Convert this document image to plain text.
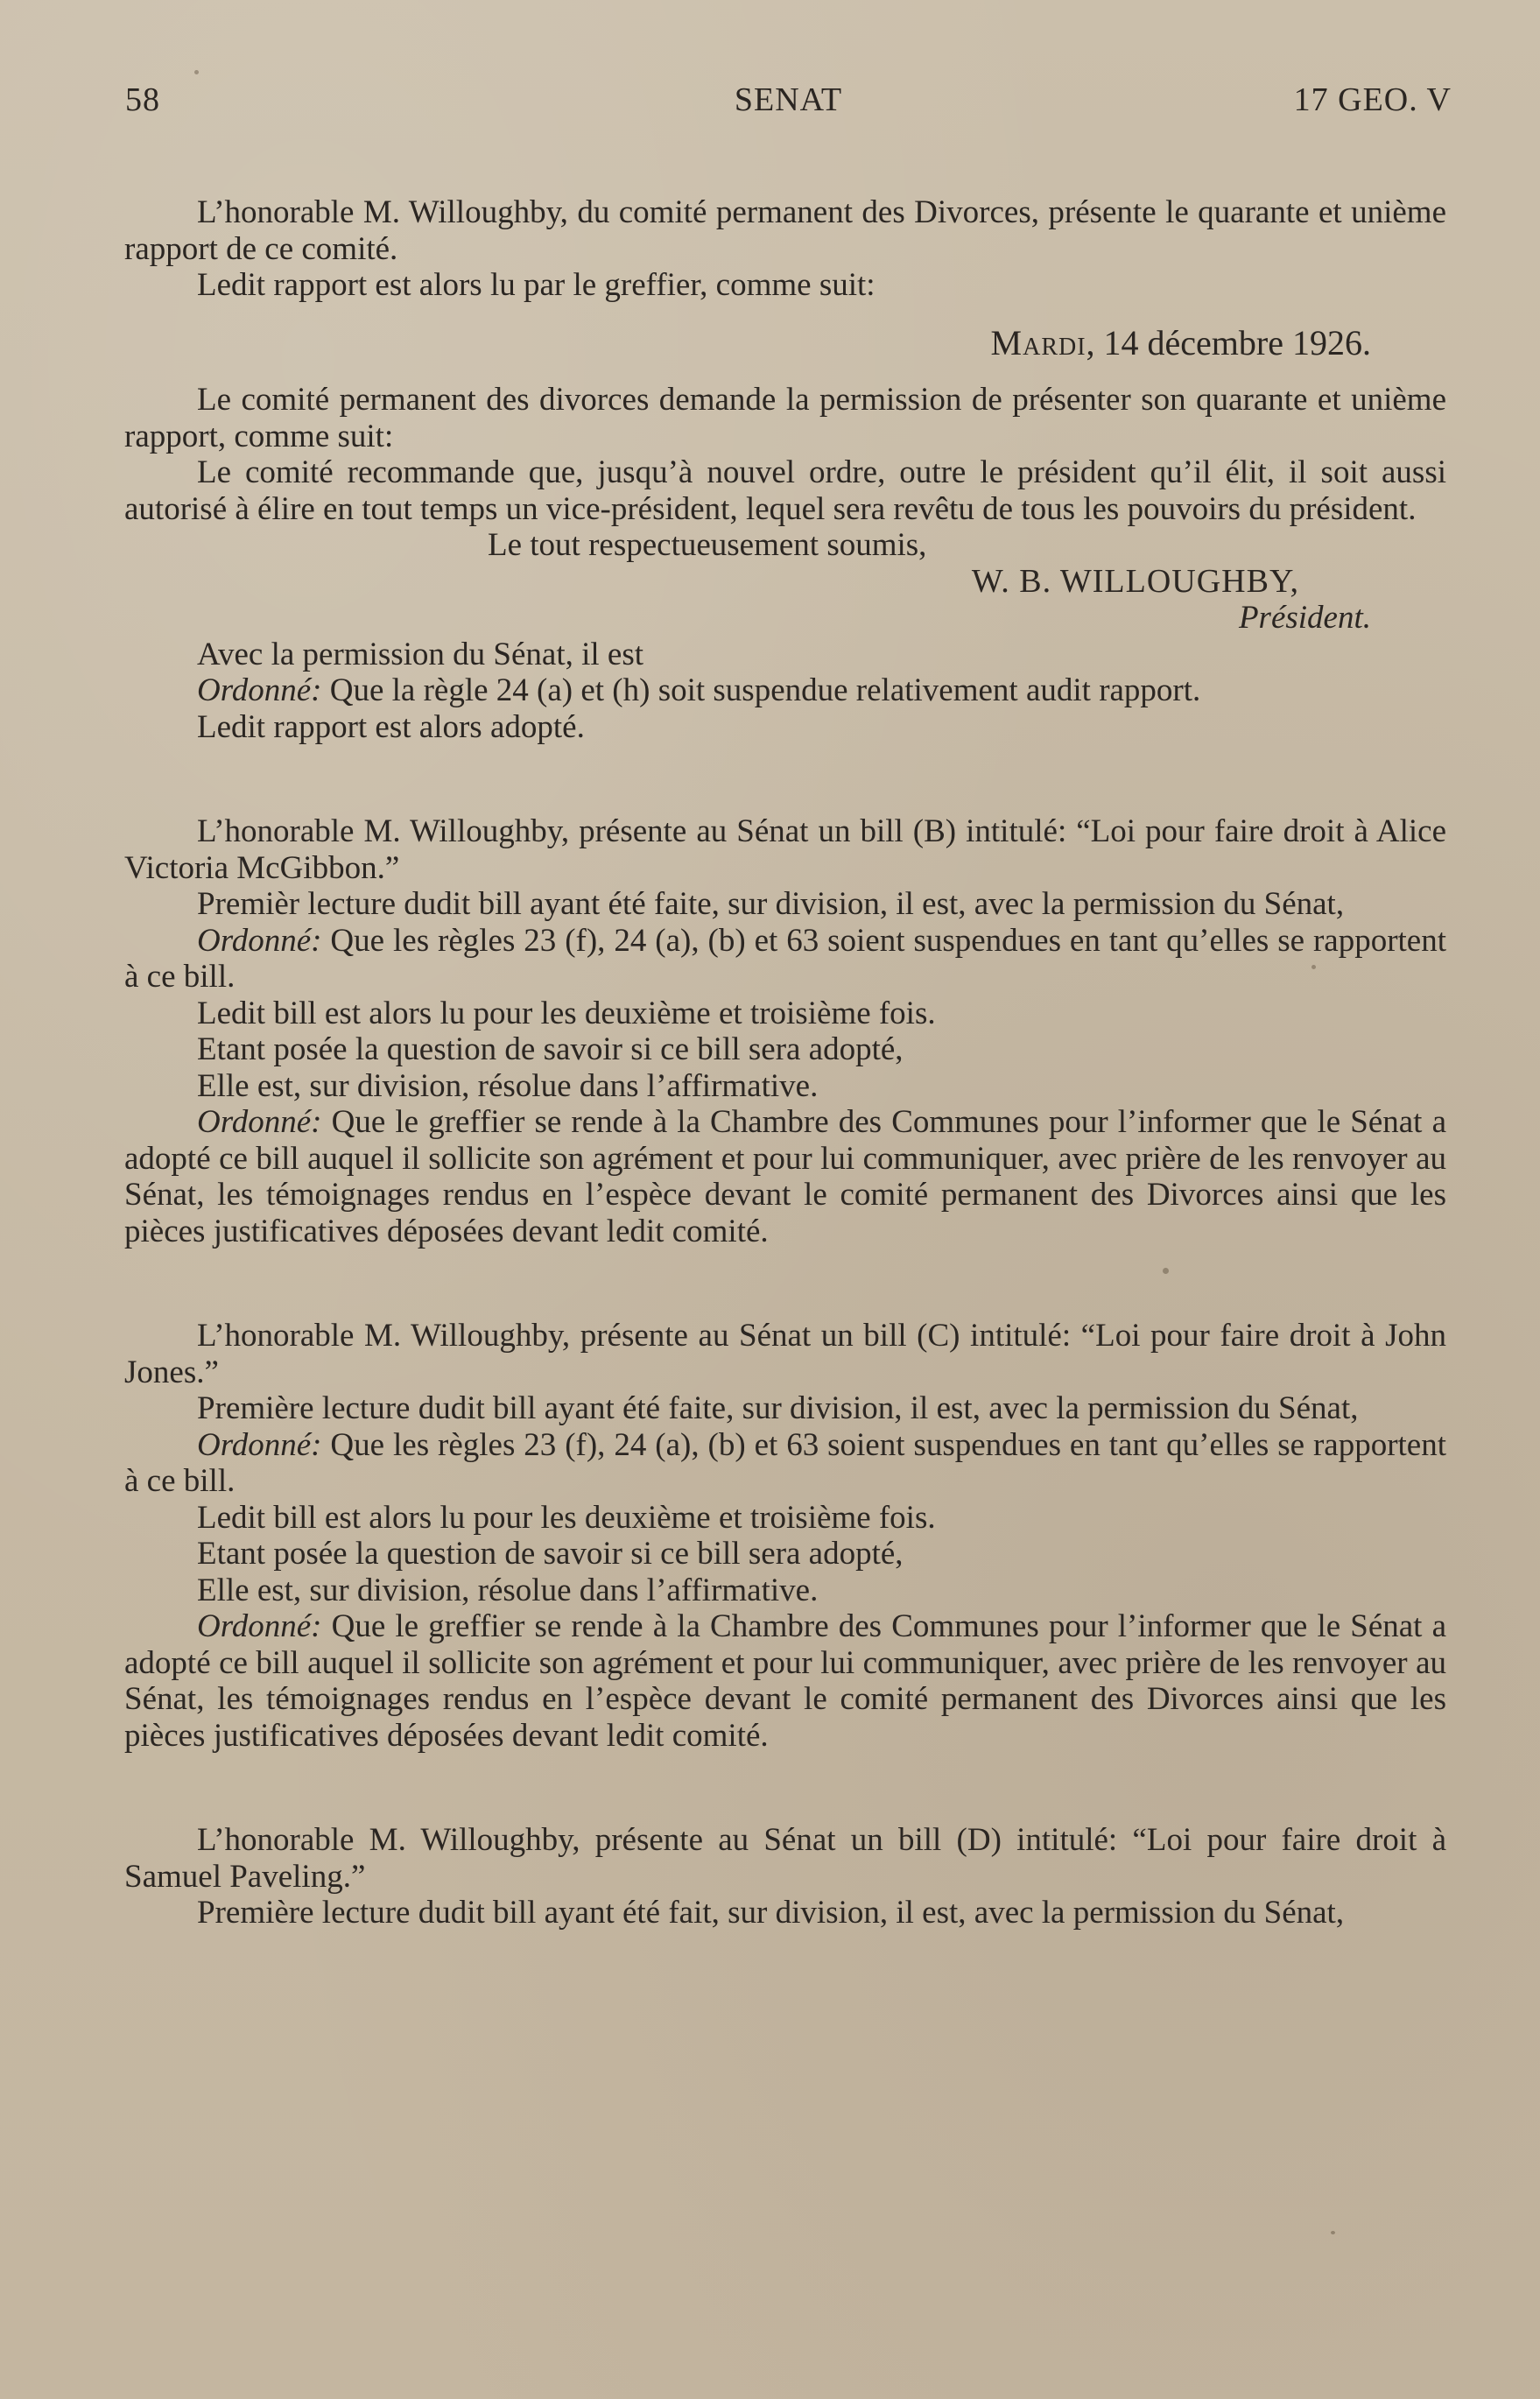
58	SENAT	17 GEO. V

L’honorable M. Willoughby, du comité permanent des Divorces, présente le quarante et unième rapport de ce comité.

Ledit rapport est alors lu par le greffier, comme suit:

Mardi, 14 décembre 1926.

Le comité permanent des divorces demande la permission de présenter son quarante et unième rapport, comme suit:

Le comité recommande que, jusqu’à nouvel ordre, outre le président qu’il élit, il soit aussi autorisé à élire en tout temps un vice-président, lequel sera revêtu de tous les pouvoirs du président.

Le tout respectueusement soumis,

W. B. WILLOUGHBY,

Président.

Avec la permission du Sénat, il est

Ordonné: Que la règle 24 (a) et (h) soit suspendue relativement audit rapport.

Ledit rapport est alors adopté.

L’honorable M. Willoughby, présente au Sénat un bill (B) intitulé: “Loi pour faire droit à Alice Victoria McGibbon.”

Premièr lecture dudit bill ayant été faite, sur division, il est, avec la permission du Sénat,

Ordonné: Que les règles 23 (f), 24 (a), (b) et 63 soient suspendues en tant qu’elles se rapportent à ce bill.

Ledit bill est alors lu pour les deuxième et troisième fois.

Etant posée la question de savoir si ce bill sera adopté,

Elle est, sur division, résolue dans l’affirmative.

Ordonné: Que le greffier se rende à la Chambre des Communes pour l’informer que le Sénat a adopté ce bill auquel il sollicite son agrément et pour lui communiquer, avec prière de les renvoyer au Sénat, les témoignages rendus en l’espèce devant le comité permanent des Divorces ainsi que les pièces justificatives déposées devant ledit comité.

L’honorable M. Willoughby, présente au Sénat un bill (C) intitulé: “Loi pour faire droit à John Jones.”

Première lecture dudit bill ayant été faite, sur division, il est, avec la permission du Sénat,

Ordonné: Que les règles 23 (f), 24 (a), (b) et 63 soient suspendues en tant qu’elles se rapportent à ce bill.

Ledit bill est alors lu pour les deuxième et troisième fois.

Etant posée la question de savoir si ce bill sera adopté,

Elle est, sur division, résolue dans l’affirmative.

Ordonné: Que le greffier se rende à la Chambre des Communes pour l’informer que le Sénat a adopté ce bill auquel il sollicite son agrément et pour lui communiquer, avec prière de les renvoyer au Sénat, les témoignages rendus en l’espèce devant le comité permanent des Divorces ainsi que les pièces justificatives déposées devant ledit comité.

L’honorable M. Willoughby, présente au Sénat un bill (D) intitulé: “Loi pour faire droit à Samuel Paveling.”

Première lecture dudit bill ayant été fait, sur division, il est, avec la permission du Sénat,
